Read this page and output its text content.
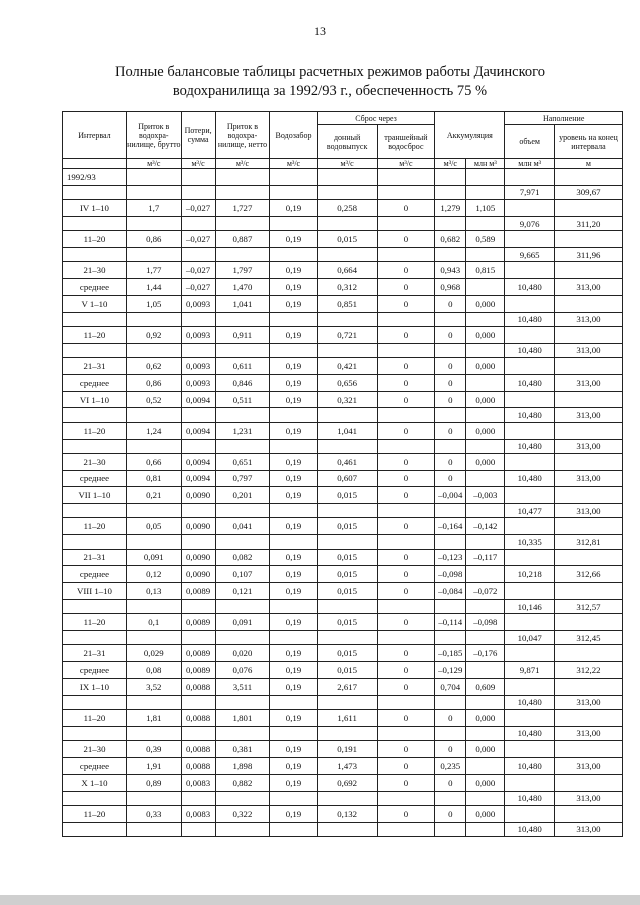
13
Полные балансовые таблицы расчетных режимов работы Дачинского
водохранилища за 1992/93 г., обеспеченность 75 %
Интервал	Приток в водохра-нилище, брутто	Потери, сумма	Приток в водохра-нилище, нетто	Водозабор	Сброс через		Аккумуляция		Наполнение	
					донный водовыпуск	траншейный водосброс			объем	уровень на конец интервала
	м³/с	м³/с	м³/с	м³/с	м³/с	м³/с	м³/с	млн м³	млн м³	м
1992/93										
									7,971	309,67
IV 1–10	1,7	–0,027	1,727	0,19	0,258	0	1,279	1,105		
									9,076	311,20
11–20	0,86	–0,027	0,887	0,19	0,015	0	0,682	0,589		
									9,665	311,96
21–30	1,77	–0,027	1,797	0,19	0,664	0	0,943	0,815		
среднее	1,44	–0,027	1,470	0,19	0,312	0	0,968		10,480	313,00
V 1–10	1,05	0,0093	1,041	0,19	0,851	0	0	0,000		
									10,480	313,00
11–20	0,92	0,0093	0,911	0,19	0,721	0	0	0,000		
									10,480	313,00
21–31	0,62	0,0093	0,611	0,19	0,421	0	0	0,000		
среднее	0,86	0,0093	0,846	0,19	0,656	0	0		10,480	313,00
VI 1–10	0,52	0,0094	0,511	0,19	0,321	0	0	0,000		
									10,480	313,00
11–20	1,24	0,0094	1,231	0,19	1,041	0	0	0,000		
									10,480	313,00
21–30	0,66	0,0094	0,651	0,19	0,461	0	0	0,000		
среднее	0,81	0,0094	0,797	0,19	0,607	0	0		10,480	313,00
VII 1–10	0,21	0,0090	0,201	0,19	0,015	0	–0,004	–0,003		
									10,477	313,00
11–20	0,05	0,0090	0,041	0,19	0,015	0	–0,164	–0,142		
									10,335	312,81
21–31	0,091	0,0090	0,082	0,19	0,015	0	–0,123	–0,117		
среднее	0,12	0,0090	0,107	0,19	0,015	0	–0,098		10,218	312,66
VIII 1–10	0,13	0,0089	0,121	0,19	0,015	0	–0,084	–0,072		
									10,146	312,57
11–20	0,1	0,0089	0,091	0,19	0,015	0	–0,114	–0,098		
									10,047	312,45
21–31	0,029	0,0089	0,020	0,19	0,015	0	–0,185	–0,176		
среднее	0,08	0,0089	0,076	0,19	0,015	0	–0,129		9,871	312,22
IX 1–10	3,52	0,0088	3,511	0,19	2,617	0	0,704	0,609		
									10,480	313,00
11–20	1,81	0,0088	1,801	0,19	1,611	0	0	0,000		
									10,480	313,00
21–30	0,39	0,0088	0,381	0,19	0,191	0	0	0,000		
среднее	1,91	0,0088	1,898	0,19	1,473	0	0,235		10,480	313,00
X 1–10	0,89	0,0083	0,882	0,19	0,692	0	0	0,000		
									10,480	313,00
11–20	0,33	0,0083	0,322	0,19	0,132	0	0	0,000		
									10,480	313,00
